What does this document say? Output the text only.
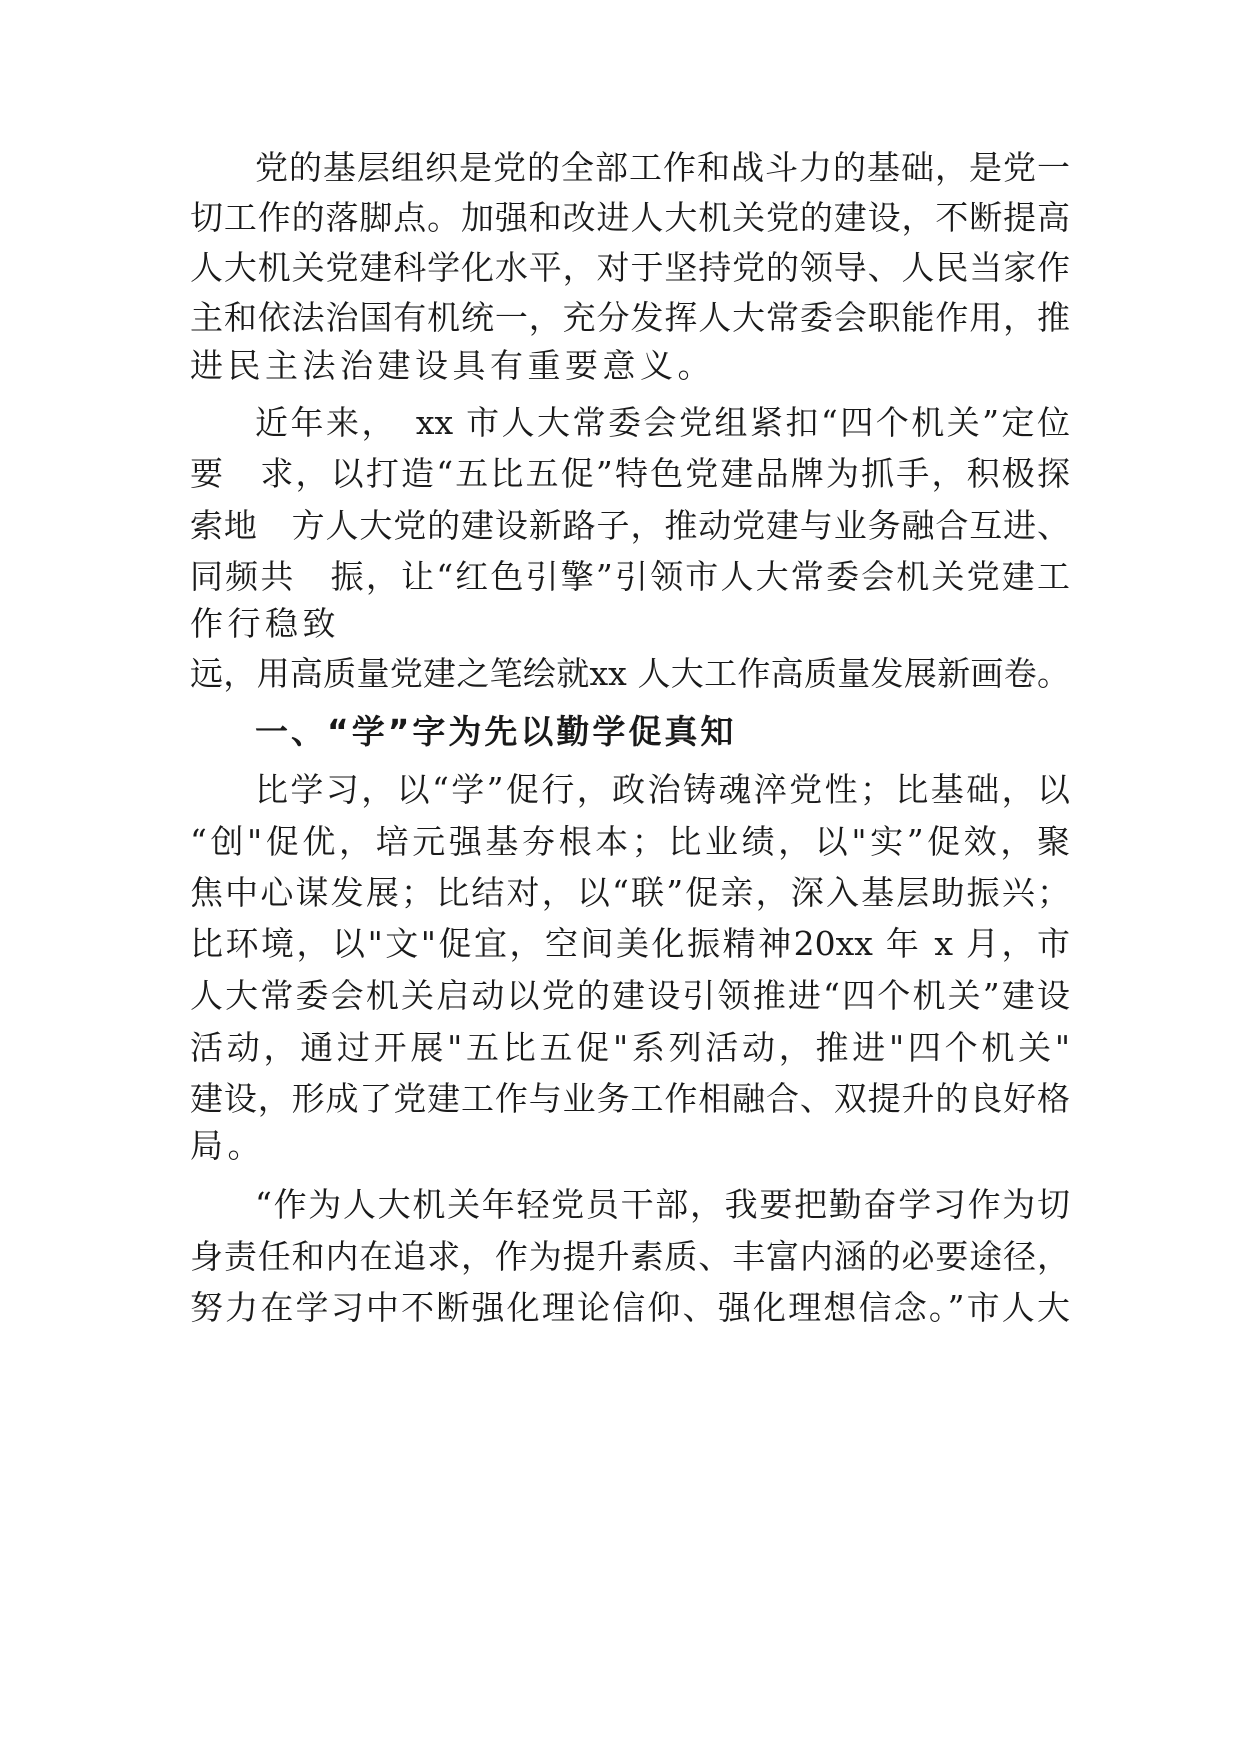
党的基层组织是党的全部工作和战斗力的基础，是党一
切工作的落脚点。加强和改进人大机关党的建设，不断提高
人大机关党建科学化水平，对于坚持党的领导、人民当家作
主和依法治国有机统一，充分发挥人大常委会职能作用，推
进民主法治建设具有重要意义。
近年来，　xx 市人大常委会党组紧扣“四个机关”定位
要　求，以打造“五比五促”特色党建品牌为抓手，积极探
索地　方人大党的建设新路子，推动党建与业务融合互进、
同频共　振，让“红色引擎”引领市人大常委会机关党建工
作行稳致
远，用高质量党建之笔绘就xx 人大工作高质量发展新画卷。
一、“学”字为先以勤学促真知
比学习，以“学”促行，政治铸魂淬党性；比基础，以
“创"促优，培元强基夯根本；比业绩，以"实”促效，聚
焦中心谋发展；比结对，以“联”促亲，深入基层助振兴；
比环境，以"文"促宜，空间美化振精神20xx 年 x 月，市
人大常委会机关启动以党的建设引领推进“四个机关”建设
活动，通过开展"五比五促"系列活动，推进"四个机关"
建设，形成了党建工作与业务工作相融合、双提升的良好格
局。
“作为人大机关年轻党员干部，我要把勤奋学习作为切
身责任和内在追求，作为提升素质、丰富内涵的必要途径，
努力在学习中不断强化理论信仰、强化理想信念。”市人大
